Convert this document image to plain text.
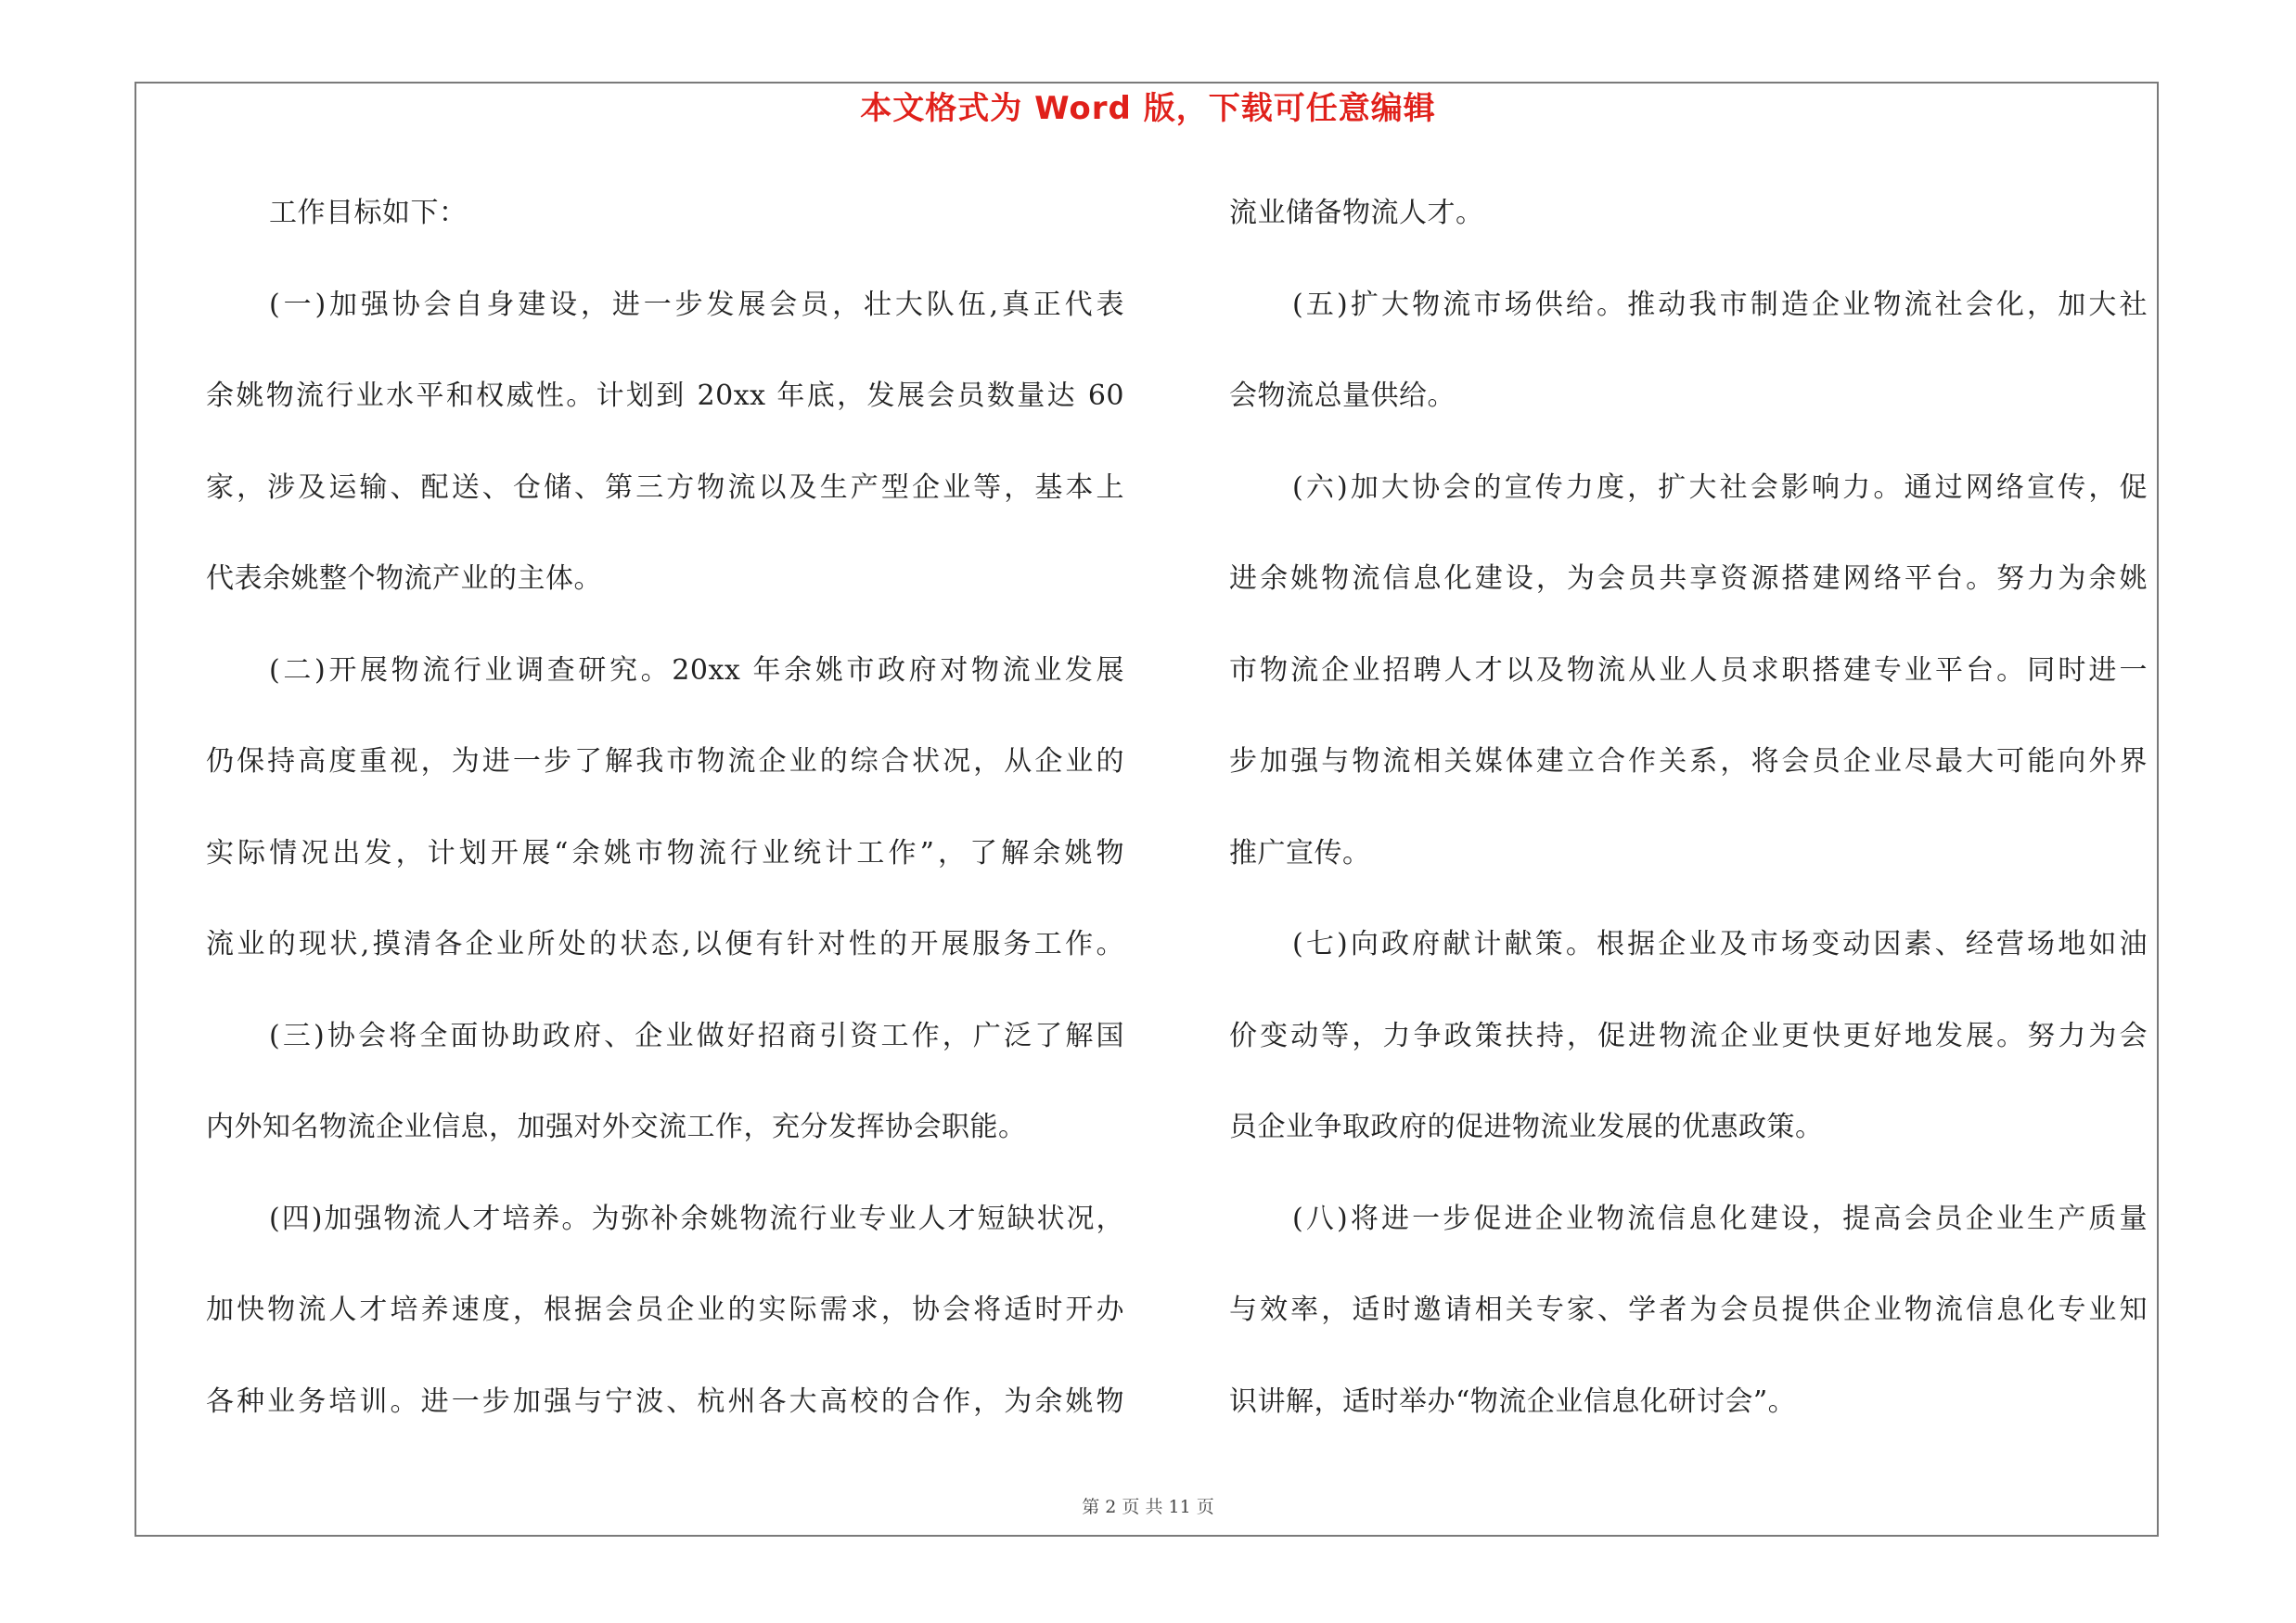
本文格式为 Word 版，下载可任意编辑
工作目标如下：
(一)加强协会自身建设，进一步发展会员，壮大队伍,真正代表
余姚物流行业水平和权威性。计划到 20xx 年底，发展会员数量达 60
家，涉及运输、配送、仓储、第三方物流以及生产型企业等，基本上
代表余姚整个物流产业的主体。
(二)开展物流行业调查研究。20xx 年余姚市政府对物流业发展
仍保持高度重视，为进一步了解我市物流企业的综合状况，从企业的
实际情况出发，计划开展“余姚市物流行业统计工作”，了解余姚物
流业的现状,摸清各企业所处的状态,以便有针对性的开展服务工作。
(三)协会将全面协助政府、企业做好招商引资工作，广泛了解国
内外知名物流企业信息，加强对外交流工作，充分发挥协会职能。
(四)加强物流人才培养。为弥补余姚物流行业专业人才短缺状况，
加快物流人才培养速度，根据会员企业的实际需求，协会将适时开办
各种业务培训。进一步加强与宁波、杭州各大高校的合作，为余姚物
流业储备物流人才。
(五)扩大物流市场供给。推动我市制造企业物流社会化，加大社
会物流总量供给。
(六)加大协会的宣传力度，扩大社会影响力。通过网络宣传，促
进余姚物流信息化建设，为会员共享资源搭建网络平台。努力为余姚
市物流企业招聘人才以及物流从业人员求职搭建专业平台。同时进一
步加强与物流相关媒体建立合作关系，将会员企业尽最大可能向外界
推广宣传。
(七)向政府献计献策。根据企业及市场变动因素、经营场地如油
价变动等，力争政策扶持，促进物流企业更快更好地发展。努力为会
员企业争取政府的促进物流业发展的优惠政策。
(八)将进一步促进企业物流信息化建设，提高会员企业生产质量
与效率，适时邀请相关专家、学者为会员提供企业物流信息化专业知
识讲解，适时举办“物流企业信息化研讨会”。
第 2 页 共 11 页
